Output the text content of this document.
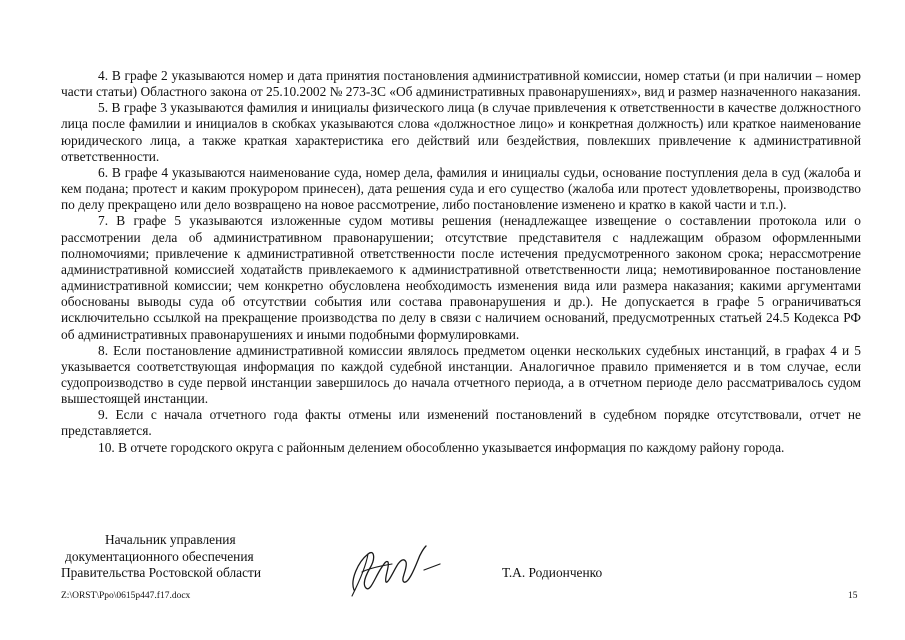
4. В графе 2 указываются номер и дата принятия постановления административной комиссии, номер статьи (и при наличии – номер части статьи) Областного закона от 25.10.2002 № 273-ЗС «Об административных правонарушениях», вид и размер назначенного наказания.

5. В графе 3 указываются фамилия и инициалы физического лица (в случае привлечения к ответственности в качестве должностного лица после фамилии и инициалов в скобках указываются слова «должностное лицо» и конкретная должность) или краткое наименование юридического лица, а также краткая характеристика его действий или бездействия, повлекших привлечение к административной ответственности.

6. В графе 4 указываются наименование суда, номер дела, фамилия и инициалы судьи, основание поступления дела в суд (жалоба и кем подана; протест и каким прокурором принесен), дата решения суда и его существо (жалоба или протест удовлетворены, производство по делу прекращено или дело возвращено на новое рассмотрение, либо постановление изменено и кратко в какой части и т.п.).

7. В графе 5 указываются изложенные судом мотивы решения (ненадлежащее извещение о составлении протокола или о рассмотрении дела об административном правонарушении; отсутствие представителя с надлежащим образом оформленными полномочиями; привлечение к административной ответственности после истечения предусмотренного законом срока; нерассмотрение административной комиссией ходатайств привлекаемого к административной ответственности лица; немотивированное постановление административной комиссии; чем конкретно обусловлена необходимость изменения вида или размера наказания; какими аргументами обоснованы выводы суда об отсутствии события или состава правонарушения и др.). Не допускается в графе 5 ограничиваться исключительно ссылкой на прекращение производства по делу в связи с наличием оснований, предусмотренных статьей 24.5 Кодекса РФ об административных правонарушениях и иными подобными формулировками.

8. Если постановление административной комиссии являлось предметом оценки нескольких судебных инстанций, в графах 4 и 5 указывается соответствующая информация по каждой судебной инстанции. Аналогичное правило применяется и в том случае, если судопроизводство в суде первой инстанции завершилось до начала отчетного периода, а в отчетном периоде дело рассматривалось судом вышестоящей инстанции.

9. Если с начала отчетного года факты отмены или изменений постановлений в судебном порядке отсутствовали, отчет не представляется.

10. В отчете городского округа с районным делением обособленно указывается информация по каждому району города.

Начальник управления
документационного обеспечения
Правительства Ростовской области	Т.А. Родионченко
Z:\ORST\Ppo\0615p447.f17.docx	15
